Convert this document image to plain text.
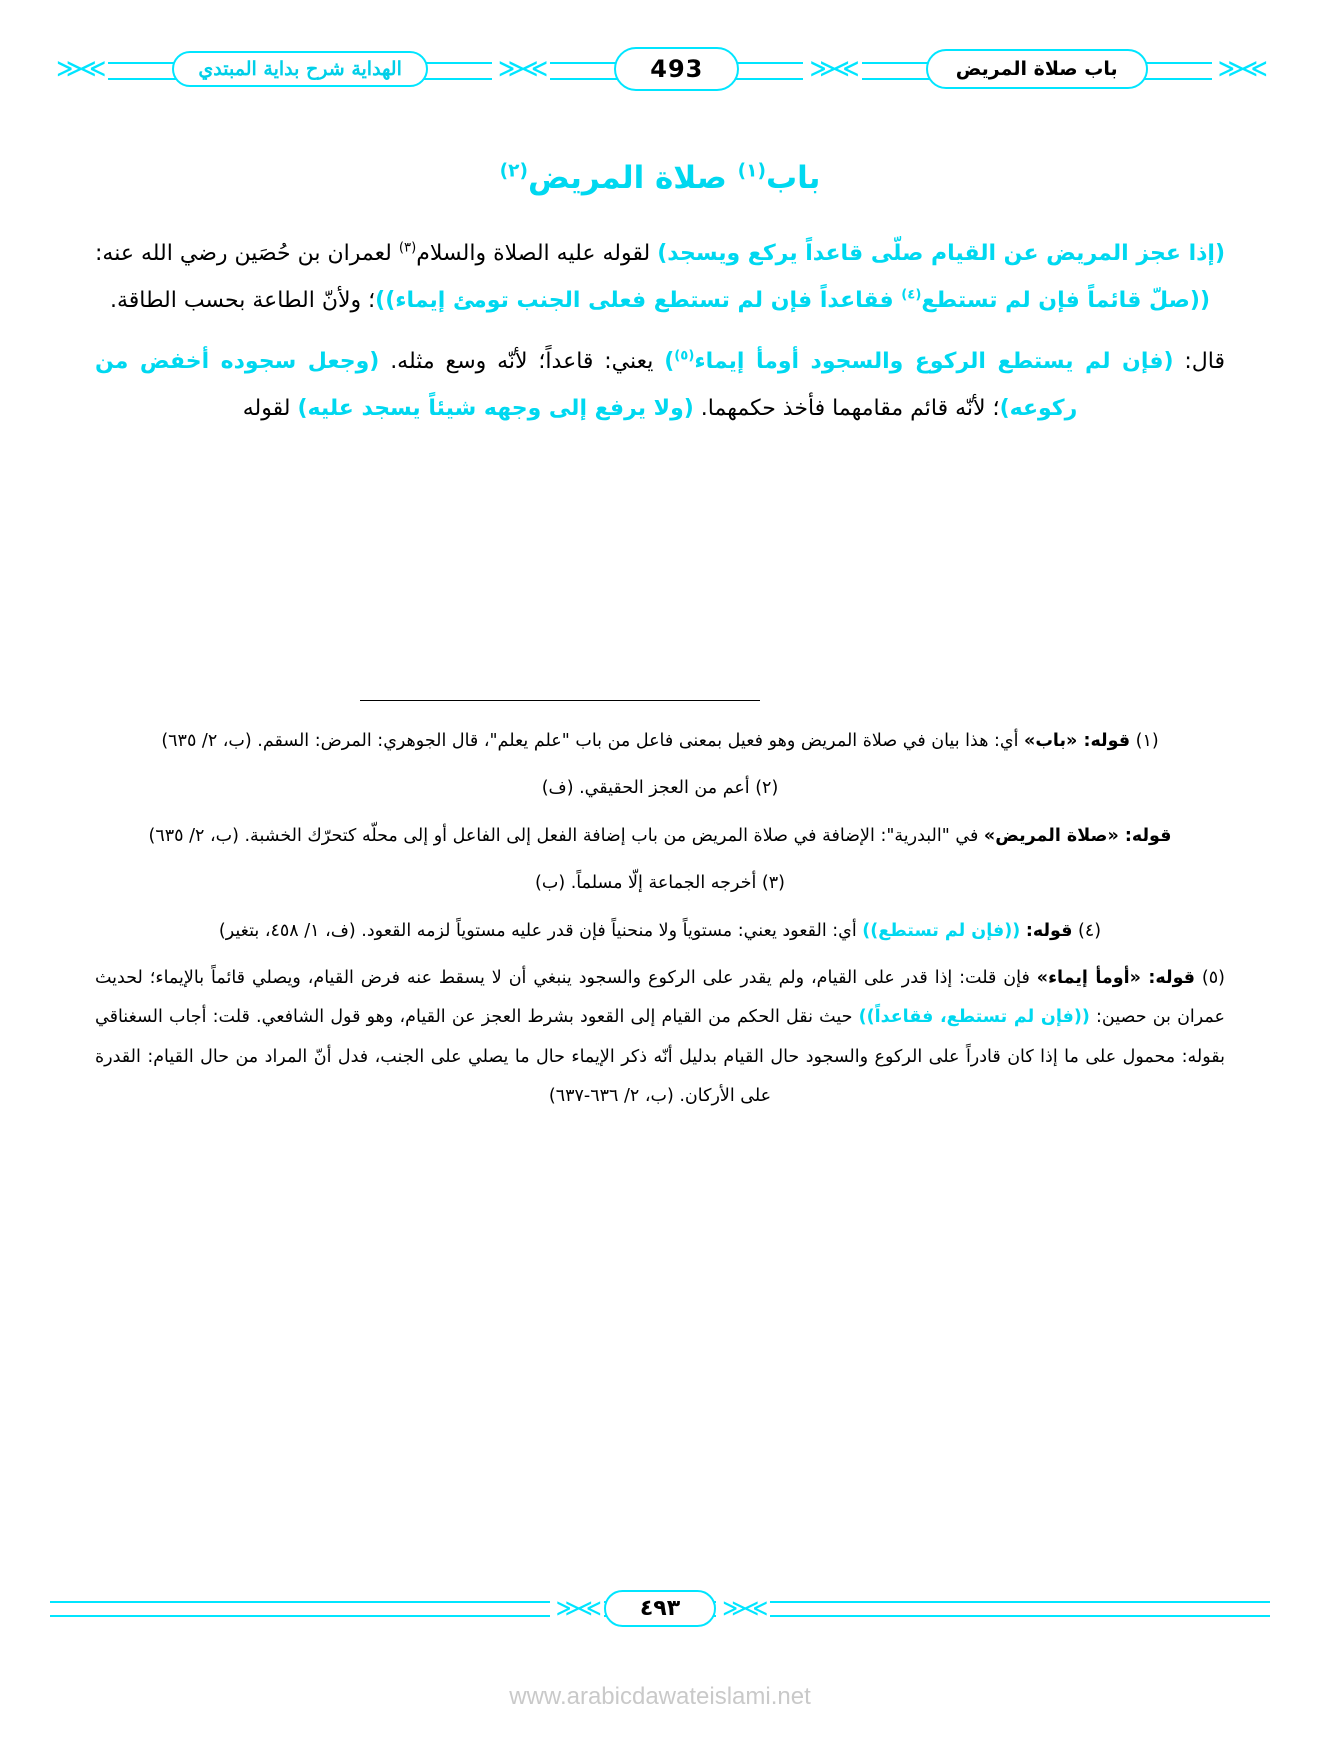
≫≪
باب صلاة المريض
≫≪
493
≫≪
الهداية شرح بداية المبتدي
≫≪
باب$^{(١)}$ صلاة المريض$^{(٢)}$

(إذا عجز المريض عن القيام صلّى قاعداً يركع ويسجد) لقوله عليه الصلاة والسلام$^{(٣)}$ لعمران بن حُصَين رضي الله عنه: ((صلّ قائماً فإن لم تستطع$^{(٤)}$ فقاعداً فإن لم تستطع فعلى الجنب تومئ إيماء))؛ ولأنّ الطاعة بحسب الطاقة.

قال: (فإن لم يستطع الركوع والسجود أومأ إيماء$^{(٥)}$) يعني: قاعداً؛ لأنّه وسع مثله. (وجعل سجوده أخفض من ركوعه)؛ لأنّه قائم مقامهما فأخذ حكمهما. (ولا يرفع إلى وجهه شيئاً يسجد عليه) لقوله

(١) قوله: «باب» أي: هذا بيان في صلاة المريض وهو فعيل بمعنى فاعل من باب "علم يعلم"، قال الجوهري: المرض: السقم. (ب، ٢/ ٦٣٥)

(٢) أعم من العجز الحقيقي. (ف)

قوله: «صلاة المريض» في "البدرية": الإضافة في صلاة المريض من باب إضافة الفعل إلى الفاعل أو إلى محلّه كتحرّك الخشبة. (ب، ٢/ ٦٣٥)

(٣) أخرجه الجماعة إلّا مسلماً. (ب)

(٤) قوله: ((فإن لم تستطع)) أي: القعود يعني: مستوياً ولا منحنياً فإن قدر عليه مستوياً لزمه القعود. (ف، ١/ ٤٥٨، بتغير)

(٥) قوله: «أومأ إيماء» فإن قلت: إذا قدر على القيام، ولم يقدر على الركوع والسجود ينبغي أن لا يسقط عنه فرض القيام، ويصلي قائماً بالإيماء؛ لحديث عمران بن حصين: ((فإن لم تستطع، فقاعداً)) حيث نقل الحكم من القيام إلى القعود بشرط العجز عن القيام، وهو قول الشافعي. قلت: أجاب السغناقي بقوله: محمول على ما إذا كان قادراً على الركوع والسجود حال القيام بدليل أنّه ذكر الإيماء حال ما يصلي على الجنب، فدل أنّ المراد من حال القيام: القدرة على الأركان. (ب، ٢/ ٦٣٦-٦٣٧)

≫≪
٤٩٣
≫≪
www.arabicdawateislami.net
